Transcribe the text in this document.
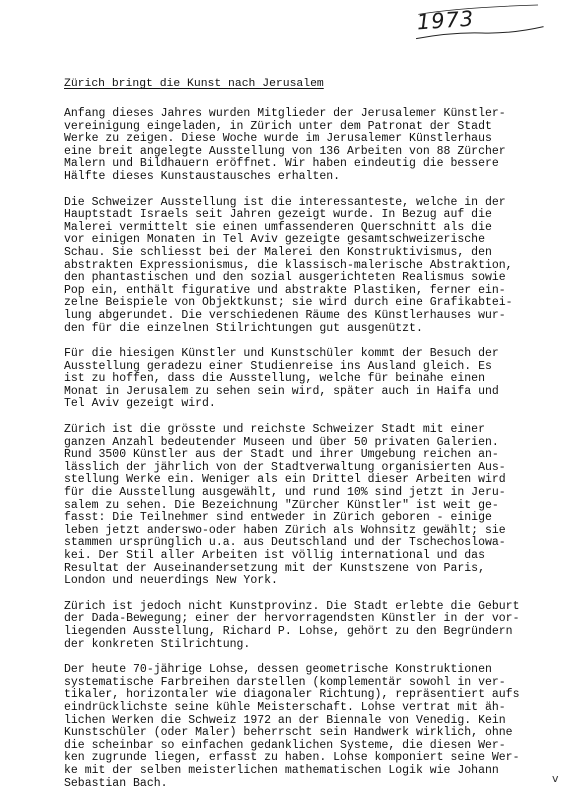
1973
Zürich bringt die Kunst nach Jerusalem
Anfang dieses Jahres wurden Mitglieder der Jerusalemer Künstler-
vereinigung eingeladen, in Zürich unter dem Patronat der Stadt
Werke zu zeigen. Diese Woche wurde im Jerusalemer Künstlerhaus
eine breit angelegte Ausstellung von 136 Arbeiten von 88 Zürcher
Malern und Bildhauern eröffnet. Wir haben eindeutig die bessere
Hälfte dieses Kunstaustausches erhalten.
Die Schweizer Ausstellung ist die interessanteste, welche in der
Hauptstadt Israels seit Jahren gezeigt wurde. In Bezug auf die
Malerei vermittelt sie einen umfassenderen Querschnitt als die
vor einigen Monaten in Tel Aviv gezeigte gesamtschweizerische
Schau. Sie schliesst bei der Malerei den Konstruktivismus, den
abstrakten Expressionismus, die klassisch-malerische Abstraktion,
den phantastischen und den sozial ausgerichteten Realismus sowie
Pop ein, enthält figurative und abstrakte Plastiken, ferner ein-
zelne Beispiele von Objektkunst; sie wird durch eine Grafikabtei-
lung abgerundet. Die verschiedenen Räume des Künstlerhauses wur-
den für die einzelnen Stilrichtungen gut ausgenützt.
Für die hiesigen Künstler und Kunstschüler kommt der Besuch der
Ausstellung geradezu einer Studienreise ins Ausland gleich. Es
ist zu hoffen, dass die Ausstellung, welche für beinahe einen
Monat in Jerusalem zu sehen sein wird, später auch in Haifa und
Tel Aviv gezeigt wird.
Zürich ist die grösste und reichste Schweizer Stadt mit einer
ganzen Anzahl bedeutender Museen und über 50 privaten Galerien.
Rund 3500 Künstler aus der Stadt und ihrer Umgebung reichen an-
lässlich der jährlich von der Stadtverwaltung organisierten Aus-
stellung Werke ein. Weniger als ein Drittel dieser Arbeiten wird
für die Ausstellung ausgewählt, und rund 10% sind jetzt in Jeru-
salem zu sehen. Die Bezeichnung "Zürcher Künstler" ist weit ge-
fasst: Die Teilnehmer sind entweder in Zürich geboren - einige
leben jetzt anderswo-oder haben Zürich als Wohnsitz gewählt; sie
stammen ursprünglich u.a. aus Deutschland und der Tschechoslowa-
kei. Der Stil aller Arbeiten ist völlig international und das
Resultat der Auseinandersetzung mit der Kunstszene von Paris,
London und neuerdings New York.
Zürich ist jedoch nicht Kunstprovinz. Die Stadt erlebte die Geburt
der Dada-Bewegung; einer der hervorragendsten Künstler in der vor-
liegenden Ausstellung, Richard P. Lohse, gehört zu den Begründern
der konkreten Stilrichtung.
Der heute 70-jährige Lohse, dessen geometrische Konstruktionen
systematische Farbreihen darstellen (komplementär sowohl in ver-
tikaler, horizontaler wie diagonaler Richtung), repräsentiert aufs
eindrücklichste seine kühle Meisterschaft. Lohse vertrat mit äh-
lichen Werken die Schweiz 1972 an der Biennale von Venedig. Kein
Kunstschüler (oder Maler) beherrscht sein Handwerk wirklich, ohne
die scheinbar so einfachen gedanklichen Systeme, die diesen Wer-
ken zugrunde liegen, erfasst zu haben. Lohse komponiert seine Wer-
ke mit der selben meisterlichen mathematischen Logik wie Johann
Sebastian Bach.	v
